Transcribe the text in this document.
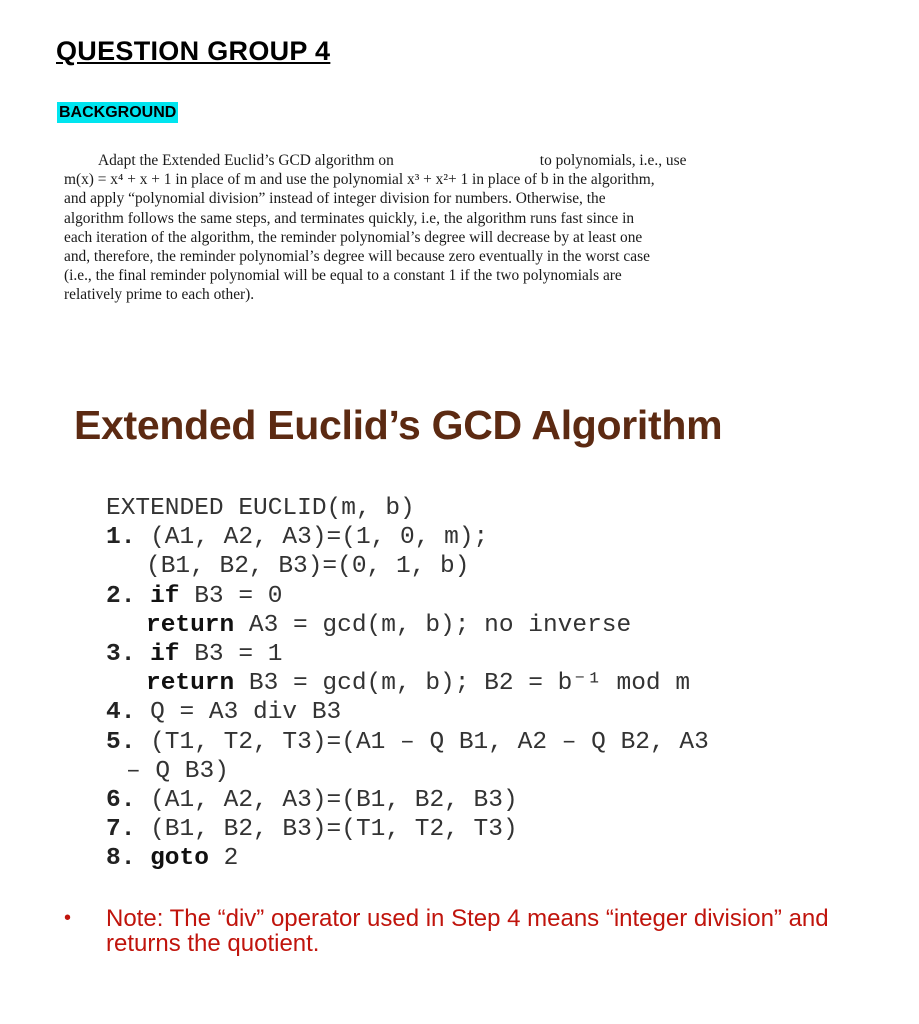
QUESTION GROUP 4
BACKGROUND
Adapt the Extended Euclid’s GCD algorithm on	to polynomials, i.e., use
m(x) = x⁴ + x + 1 in place of m and use the polynomial x³ + x²+ 1 in place of b in the algorithm,
and apply “polynomial division” instead of integer division for numbers. Otherwise, the
algorithm follows the same steps, and terminates quickly, i.e, the algorithm runs fast since in
each iteration of the algorithm, the reminder polynomial’s degree will decrease by at least one
and, therefore, the reminder polynomial’s degree will because zero eventually in the worst case
(i.e., the final reminder polynomial will be equal to a constant 1 if the two polynomials are
relatively prime to each other).
Extended Euclid’s GCD Algorithm
EXTENDED EUCLID(m, b)
1. (A1, A2, A3)=(1, 0, m);
(B1, B2, B3)=(0, 1, b)
2. if B3 = 0
return A3 = gcd(m, b); no inverse
3. if B3 = 1
return B3 = gcd(m, b); B2 = b⁻¹ mod m
4. Q = A3 div B3
5. (T1, T2, T3)=(A1 – Q B1, A2 – Q B2, A3
– Q B3)
6. (A1, A2, A3)=(B1, B2, B3)
7. (B1, B2, B3)=(T1, T2, T3)
8. goto 2
•	Note: The “div” operator used in Step 4 means “integer division” and returns the quotient.
